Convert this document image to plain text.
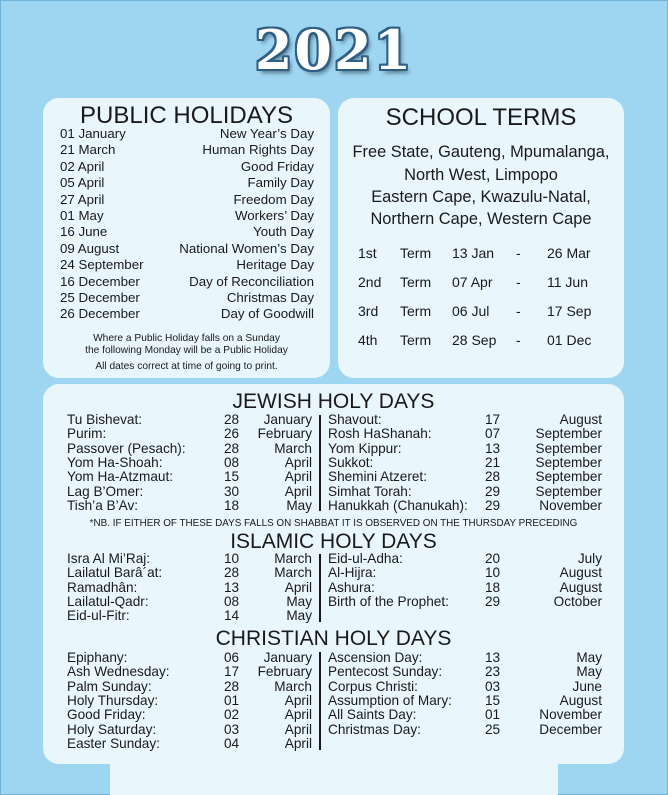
2021
PUBLIC HOLIDAYS
01 January	New Year’s Day
21 March	Human Rights Day
02 April	Good Friday
05 April	Family Day
27 April	Freedom Day
01 May	Workers’ Day
16 June	Youth Day
09 August	National Women’s Day
24 September	Heritage Day
16 December	Day of Reconciliation
25 December	Christmas Day
26 December	Day of Goodwill
Where a Public Holiday falls on a Sunday
the following Monday will be a Public Holiday
All dates correct at time of going to print.
SCHOOL TERMS
Free State, Gauteng, Mpumalanga,
North West, Limpopo
Eastern Cape, Kwazulu-Natal,
Northern Cape, Western Cape
1st Term 13 Jan - 26 Mar
2nd Term 07 Apr - 11 Jun
3rd Term 06 Jul - 17 Sep
4th Term 28 Sep - 01 Dec
JEWISH HOLY DAYS
Tu Bishevat:	28 January
Purim:	26 February
Passover (Pesach):	28	March
Yom Ha-Shoah:	08	April
Yom Ha-Atzmaut:	15	April
Lag B’Omer:	30	April
Tish’a B’Av:	18	May
Shavout:	17	August
Rosh HaShanah:	07	September
Yom Kippur:	13	September
Sukkot:	21	September
Shemini Atzeret:	28	September
Simhat Torah:	29	September
Hanukkah (Chanukah): 29	November
*NB. IF EITHER OF THESE DAYS FALLS ON SHABBAT IT IS OBSERVED ON THE THURSDAY PRECEDING
ISLAMIC HOLY DAYS
Isra Al Mi’Raj:	10	March
Lailatul Barâ´at:	28	March
Ramadhân:	13	April
Lailatul-Qadr:	08	May
Eid-ul-Fitr:	14	May
Eid-ul-Adha:	20	July
Al-Hijra:	10	August
Ashura:	18	August
Birth of the Prophet:	29	October
CHRISTIAN HOLY DAYS
Epiphany:	06 January
Ash Wednesday:	17 February
Palm Sunday:	28	March
Holy Thursday:	01	April
Good Friday:	02	April
Holy Saturday:	03	April
Easter Sunday:	04	April
Ascension Day:	13	May
Pentecost Sunday:	23	May
Corpus Christi:	03	June
Assumption of Mary: 15	August
All Saints Day:	01	November
Christmas Day:	25	December
